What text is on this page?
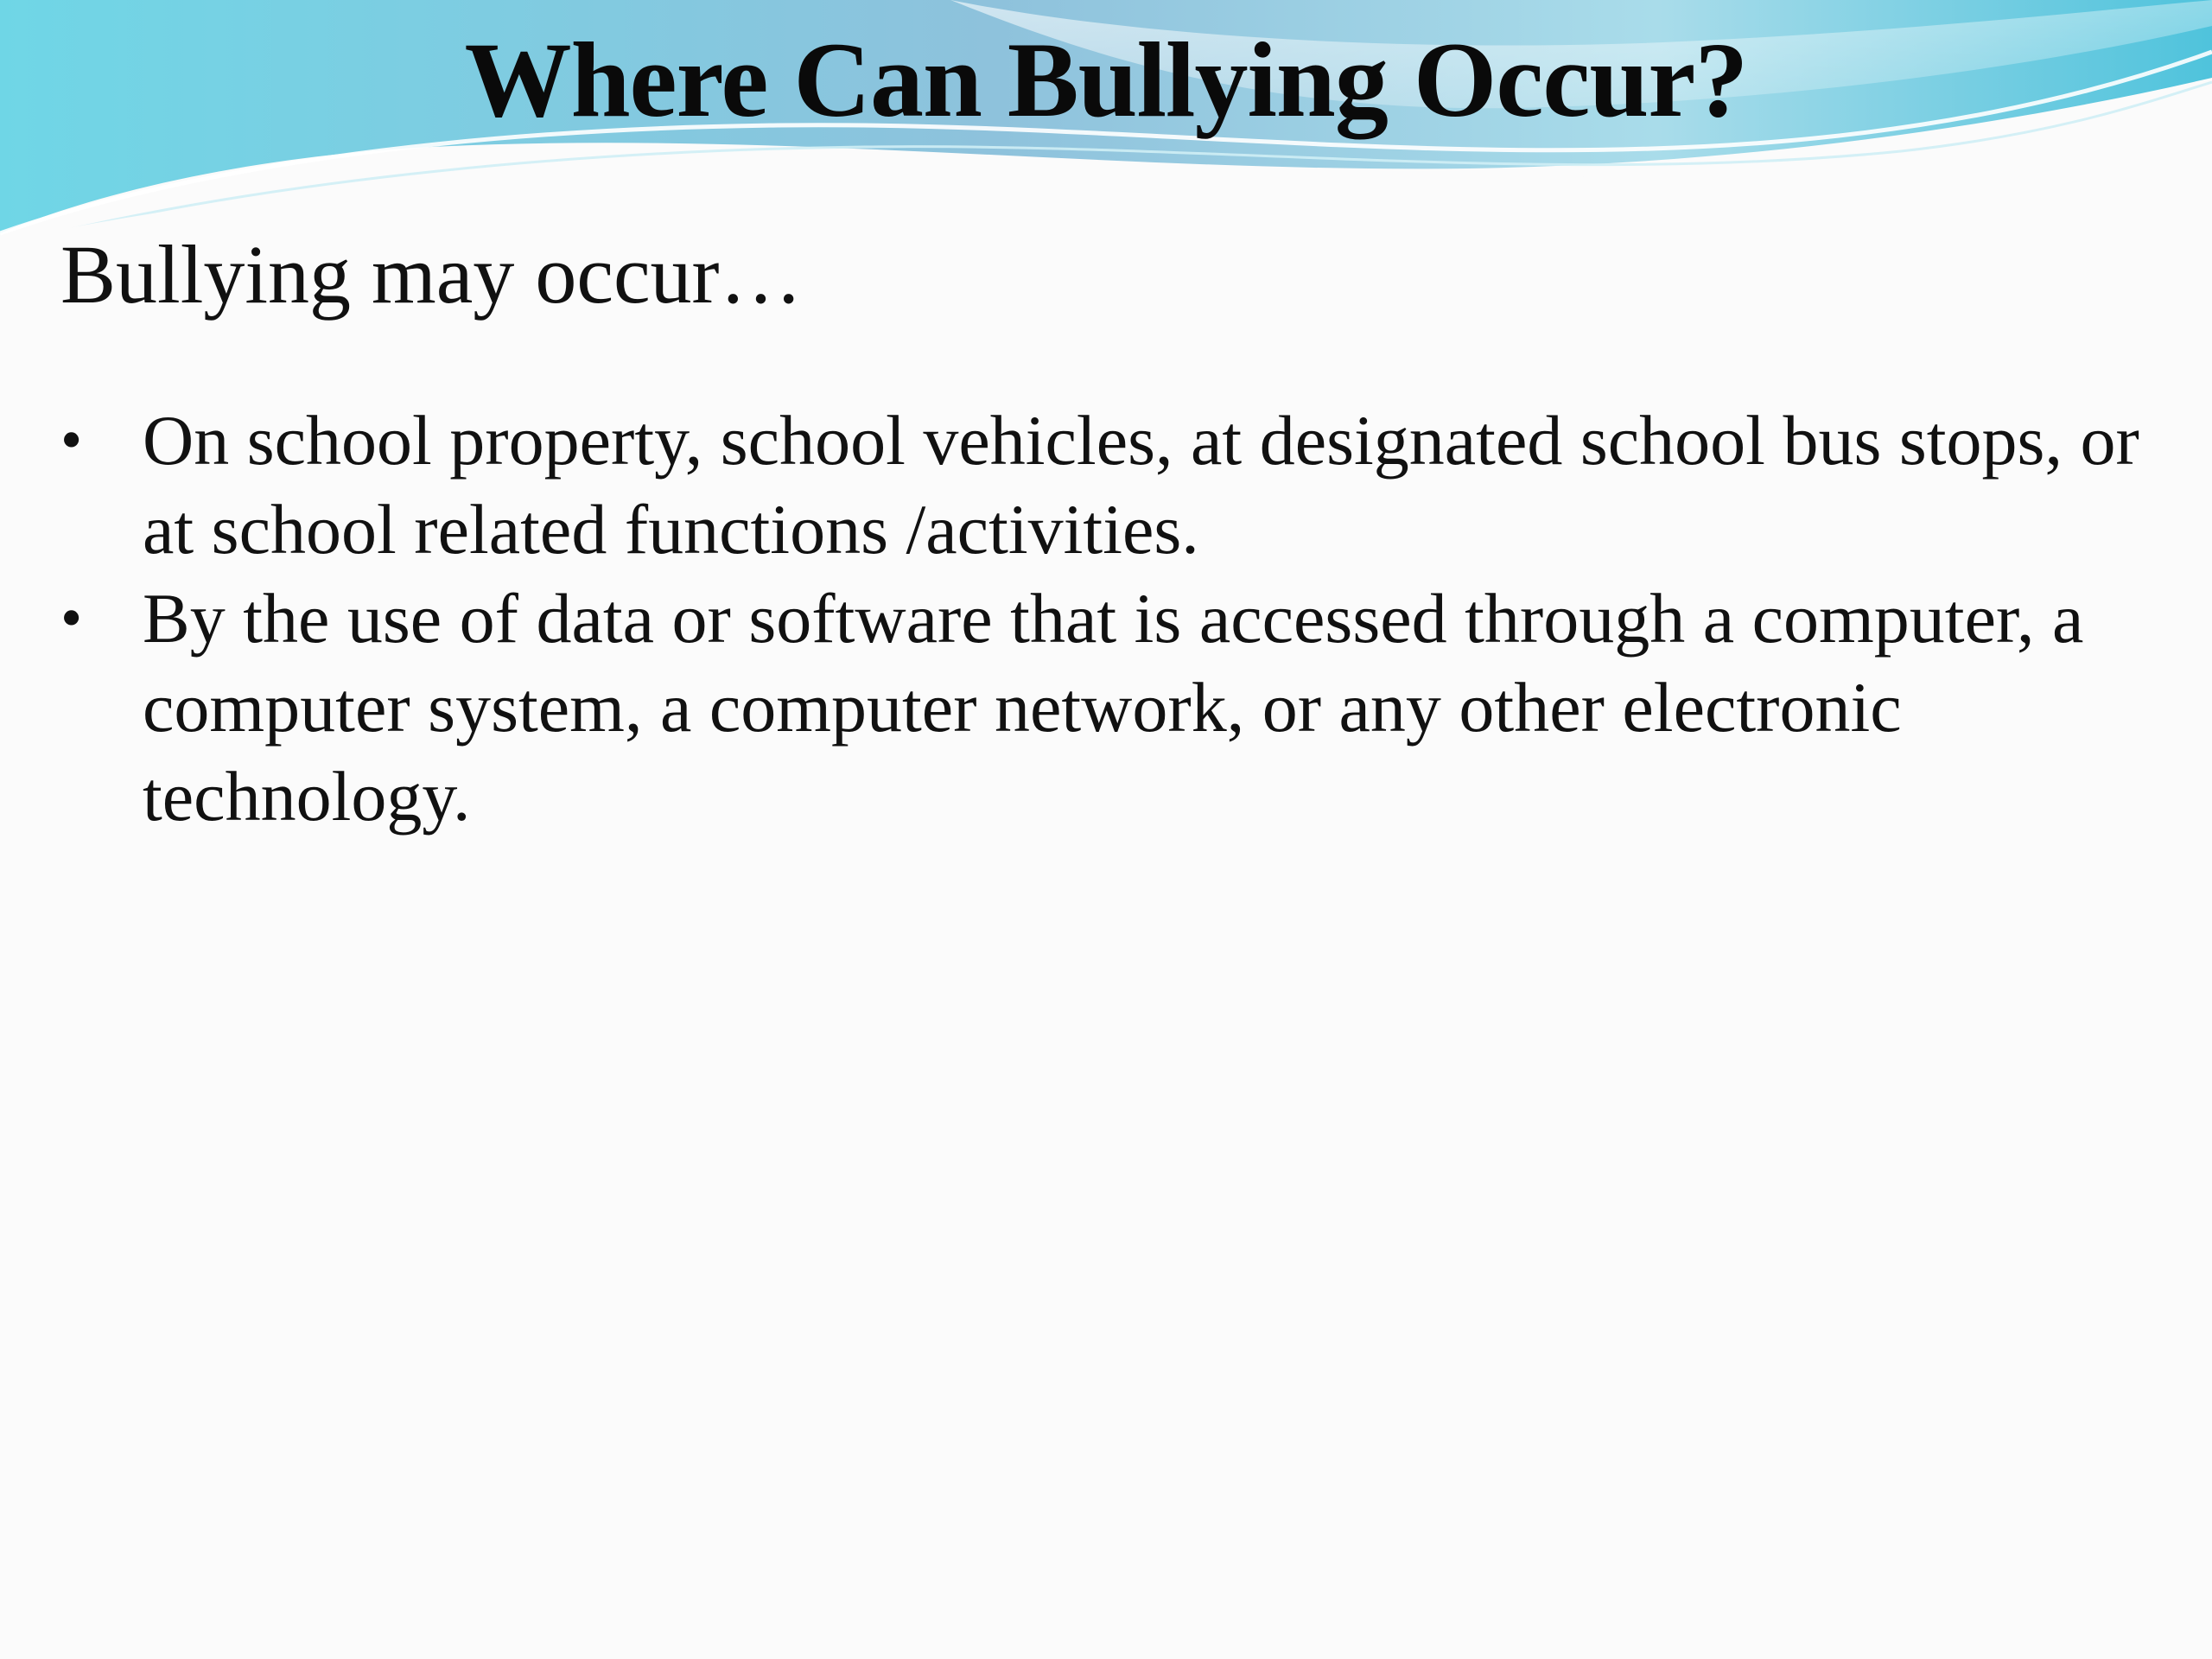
Where Can Bullying Occur?

Bullying may occur…

• On school property, school vehicles, at designated school bus stops, or at school related functions /activities.
• By the use of data or software that is accessed through a computer, a computer system, a computer network, or any other electronic technology.
